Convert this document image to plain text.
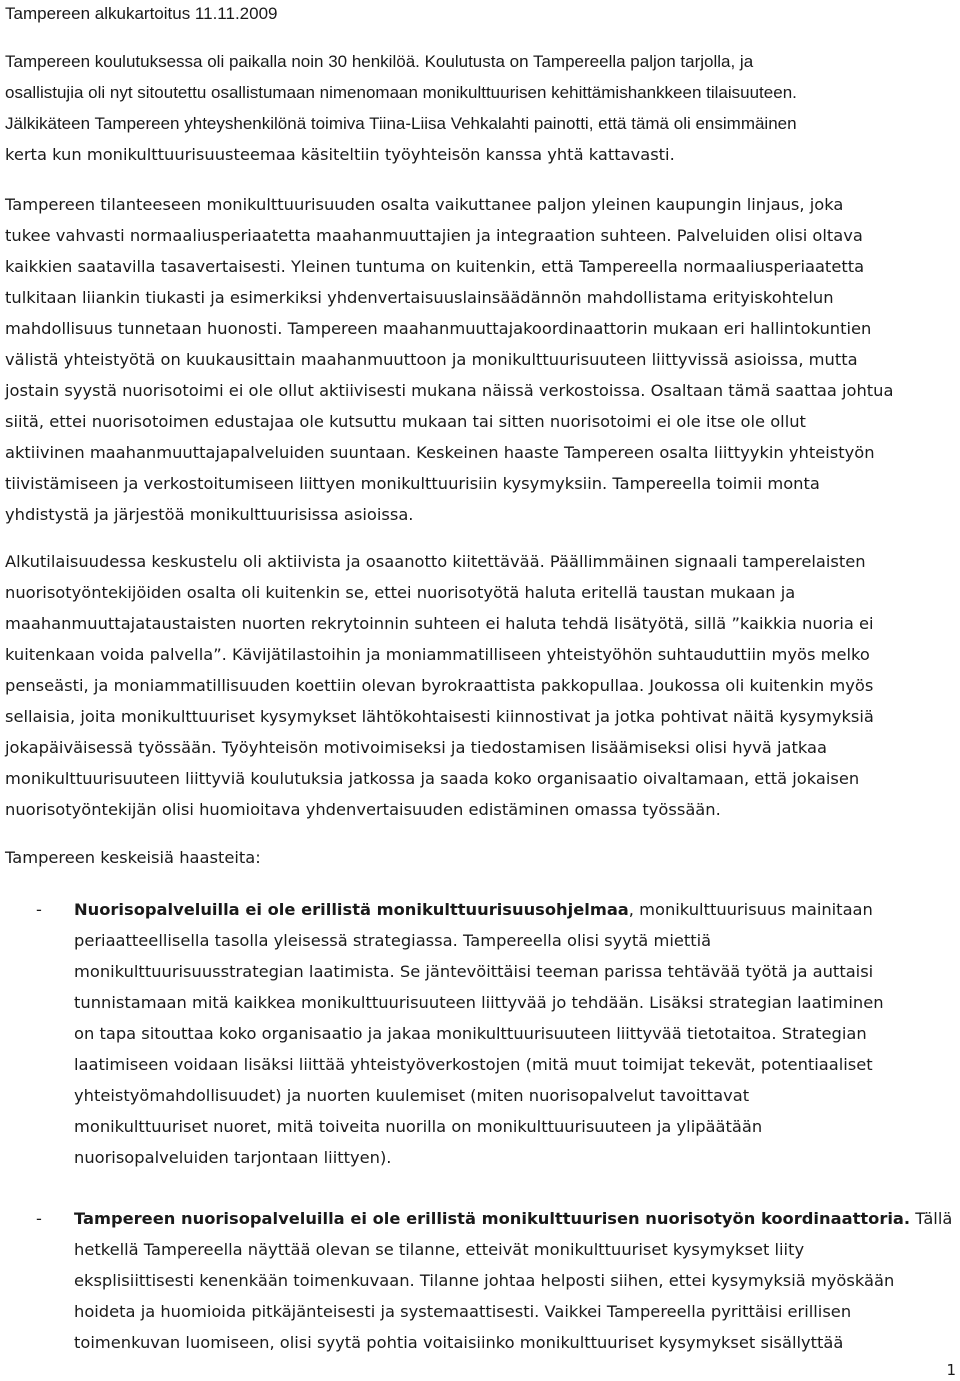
Tampereen alkukartoitus 11.11.2009
Tampereen koulutuksessa oli paikalla noin 30 henkilöä. Koulutusta on Tampereella paljon tarjolla, ja
osallistujia oli nyt sitoutettu osallistumaan nimenomaan monikulttuurisen kehittämishankkeen tilaisuuteen.
Jälkikäteen Tampereen yhteyshenkilönä toimiva Tiina-Liisa Vehkalahti painotti, että tämä oli ensimmäinen
kerta kun monikulttuurisuusteemaa käsiteltiin työyhteisön kanssa yhtä kattavasti.
Tampereen tilanteeseen monikulttuurisuuden osalta vaikuttanee paljon yleinen kaupungin linjaus, joka
tukee vahvasti normaaliusperiaatetta maahanmuuttajien ja integraation suhteen. Palveluiden olisi oltava
kaikkien saatavilla tasavertaisesti. Yleinen tuntuma on kuitenkin, että Tampereella normaaliusperiaatetta
tulkitaan liiankin tiukasti ja esimerkiksi yhdenvertaisuuslainsäädännön mahdollistama erityiskohtelun
mahdollisuus tunnetaan huonosti. Tampereen maahanmuuttajakoordinaattorin mukaan eri hallintokuntien
välistä yhteistyötä on kuukausittain maahanmuuttoon ja monikulttuurisuuteen liittyvissä asioissa, mutta
jostain syystä nuorisotoimi ei ole ollut aktiivisesti mukana näissä verkostoissa. Osaltaan tämä saattaa johtua
siitä, ettei nuorisotoimen edustajaa ole kutsuttu mukaan tai sitten nuorisotoimi ei ole itse ole ollut
aktiivinen maahanmuuttajapalveluiden suuntaan. Keskeinen haaste Tampereen osalta liittyykin yhteistyön
tiivistämiseen ja verkostoitumiseen liittyen monikulttuurisiin kysymyksiin. Tampereella toimii monta
yhdistystä ja järjestöä monikulttuurisissa asioissa.
Alkutilaisuudessa keskustelu oli aktiivista ja osaanotto kiitettävää. Päällimmäinen signaali tamperelaisten
nuorisotyöntekijöiden osalta oli kuitenkin se, ettei nuorisotyötä haluta eritellä taustan mukaan ja
maahanmuuttajataustaisten nuorten rekrytoinnin suhteen ei haluta tehdä lisätyötä, sillä ”kaikkia nuoria ei
kuitenkaan voida palvella”. Kävijätilastoihin ja moniammatilliseen yhteistyöhön suhtauduttiin myös melko
penseästi, ja moniammatillisuuden koettiin olevan byrokraattista pakkopullaa. Joukossa oli kuitenkin myös
sellaisia, joita monikulttuuriset kysymykset lähtökohtaisesti kiinnostivat ja jotka pohtivat näitä kysymyksiä
jokapäiväisessä työssään. Työyhteisön motivoimiseksi ja tiedostamisen lisäämiseksi olisi hyvä jatkaa
monikulttuurisuuteen liittyviä koulutuksia jatkossa ja saada koko organisaatio oivaltamaan, että jokaisen
nuorisotyöntekijän olisi huomioitava yhdenvertaisuuden edistäminen omassa työssään.
Tampereen keskeisiä haasteita:
- Nuorisopalveluilla ei ole erillistä monikulttuurisuusohjelmaa, monikulttuurisuus mainitaan
periaatteellisella tasolla yleisessä strategiassa. Tampereella olisi syytä miettiä
monikulttuurisuusstrategian laatimista. Se jäntevöittäisi teeman parissa tehtävää työtä ja auttaisi
tunnistamaan mitä kaikkea monikulttuurisuuteen liittyvää jo tehdään. Lisäksi strategian laatiminen
on tapa sitouttaa koko organisaatio ja jakaa monikulttuurisuuteen liittyvää tietotaitoa. Strategian
laatimiseen voidaan lisäksi liittää yhteistyöverkostojen (mitä muut toimijat tekevät, potentiaaliset
yhteistyömahdollisuudet) ja nuorten kuulemiset (miten nuorisopalvelut tavoittavat
monikulttuuriset nuoret, mitä toiveita nuorilla on monikulttuurisuuteen ja ylipäätään
nuorisopalveluiden tarjontaan liittyen).
- Tampereen nuorisopalveluilla ei ole erillistä monikulttuurisen nuorisotyön koordinaattoria. Tällä
hetkellä Tampereella näyttää olevan se tilanne, etteivät monikulttuuriset kysymykset liity
eksplisiittisesti kenenkään toimenkuvaan. Tilanne johtaa helposti siihen, ettei kysymyksiä myöskään
hoideta ja huomioida pitkäjänteisesti ja systemaattisesti. Vaikkei Tampereella pyrittäisi erillisen
toimenkuvan luomiseen, olisi syytä pohtia voitaisiinko monikulttuuriset kysymykset sisällyttää
1
